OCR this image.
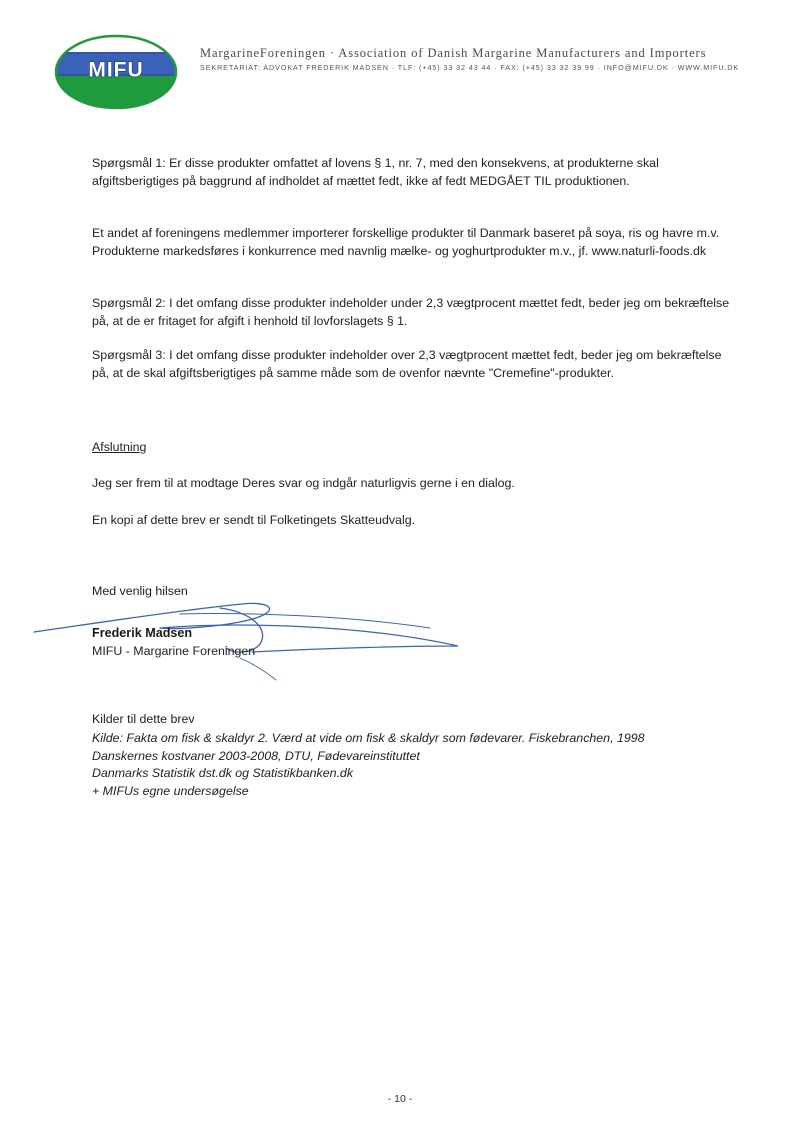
MIFU
MargarineForeningen · Association of Danish Margarine Manufacturers and Importers
SEKRETARIAT: ADVOKAT FREDERIK MADSEN · TLF: (+45) 33 32 43 44 · FAX: (+45) 33 32 39 99 · INFO@MIFU.DK · WWW.MIFU.DK

Spørgsmål 1: Er disse produkter omfattet af lovens § 1, nr. 7, med den konsekvens, at produkterne skal afgiftsberigtiges på baggrund af indholdet af mættet fedt, ikke af fedt MEDGÅET TIL produktionen.

Et andet af foreningens medlemmer importerer forskellige produkter til Danmark baseret på soya, ris og havre m.v. Produkterne markedsføres i konkurrence med navnlig mælke- og yoghurtprodukter m.v., jf. www.naturli-foods.dk

Spørgsmål 2: I det omfang disse produkter indeholder under 2,3 vægtprocent mættet fedt, beder jeg om bekræftelse på, at de er fritaget for afgift i henhold til lovforslagets § 1.

Spørgsmål 3: I det omfang disse produkter indeholder over 2,3 vægtprocent mættet fedt, beder jeg om bekræftelse på, at de skal afgiftsberigtiges på samme måde som de ovenfor nævnte "Cremefine"-produkter.

Afslutning

Jeg ser frem til at modtage Deres svar og indgår naturligvis gerne i en dialog.

En kopi af dette brev er sendt til Folketingets Skatteudvalg.

Med venlig hilsen

Frederik Madsen
MIFU - Margarine Foreningen
Kilder til dette brev
Kilde: Fakta om fisk & skaldyr 2. Værd at vide om fisk & skaldyr som fødevarer. Fiskebranchen, 1998
Danskernes kostvaner 2003-2008, DTU, Fødevareinstituttet
Danmarks Statistik dst.dk og Statistikbanken.dk
+ MIFUs egne undersøgelse
- 10 -
